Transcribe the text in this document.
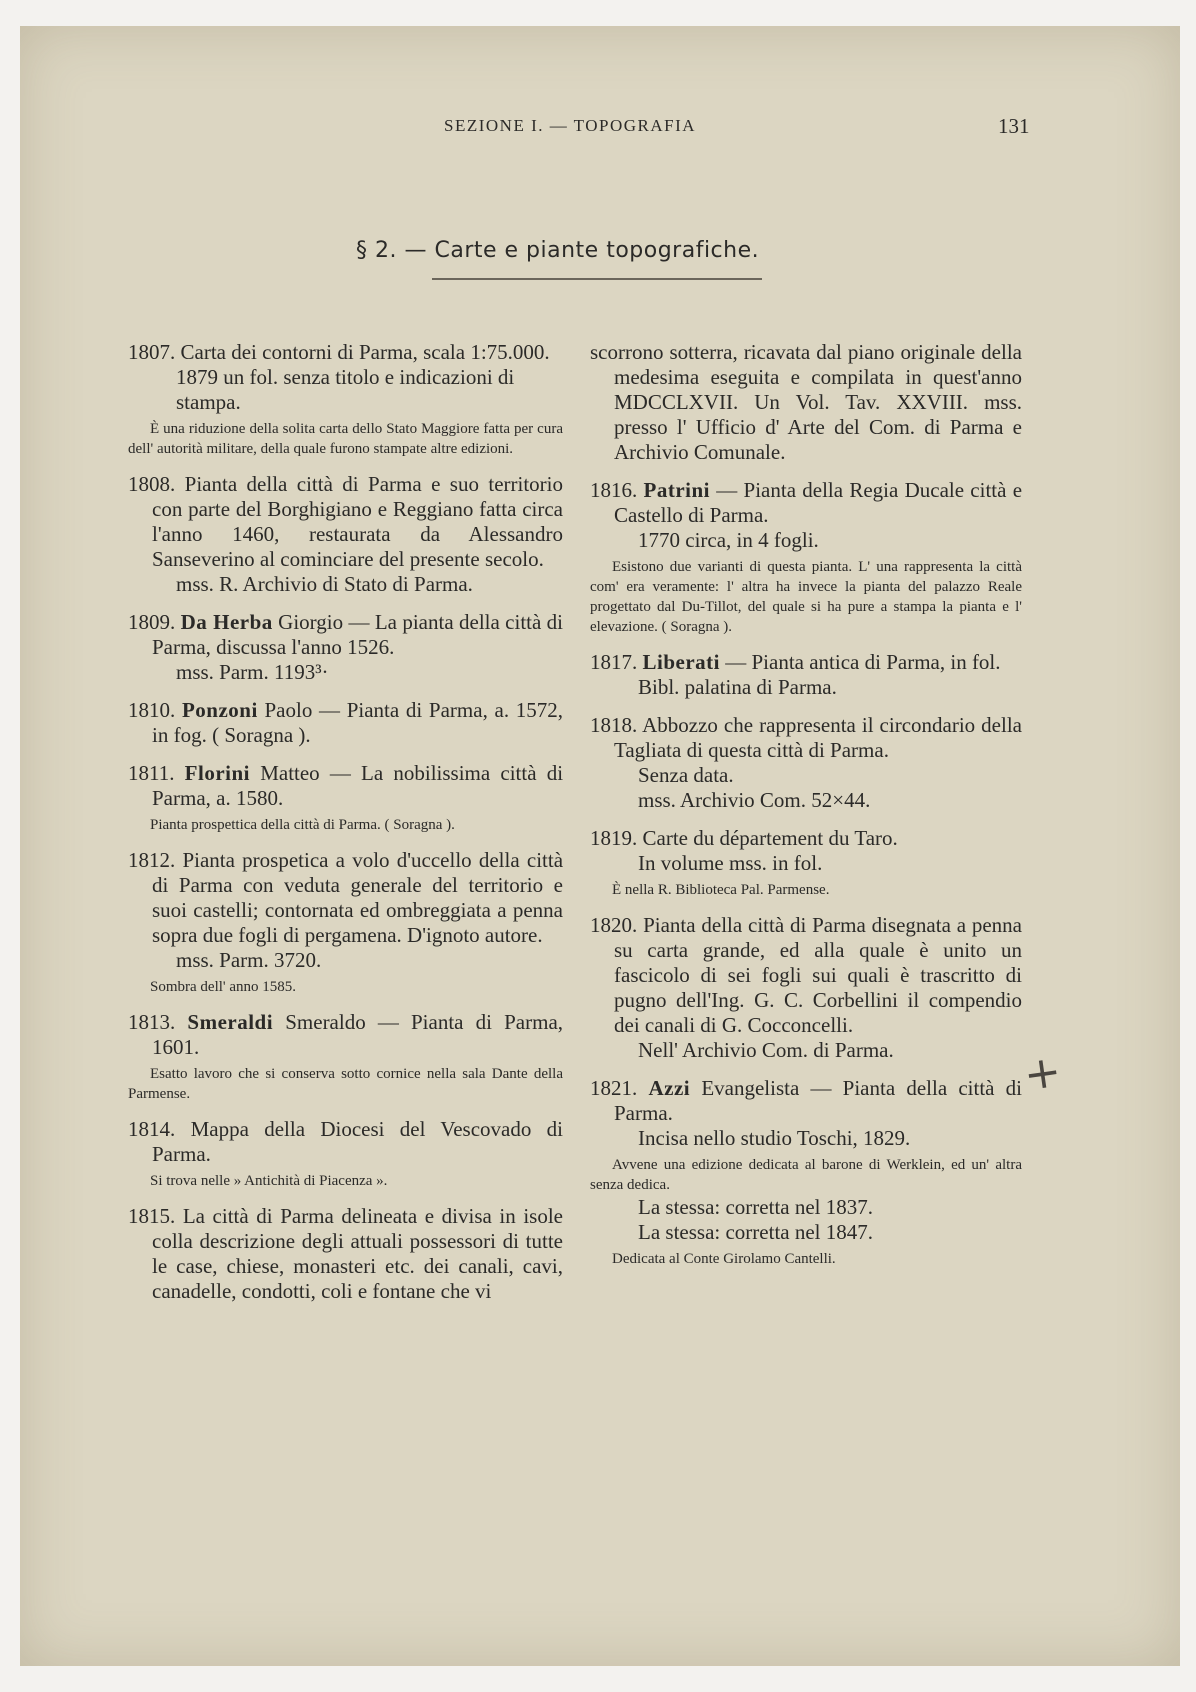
SEZIONE I. — TOPOGRAFIA	131
§ 2. — Carte e piante topografiche.

1807. Carta dei contorni di Parma, scala 1:75.000.

1879 un fol. senza titolo e indicazioni di stampa.

È una riduzione della solita carta dello Stato Maggiore fatta per cura dell' autorità militare, della quale furono stampate altre edizioni.

1808. Pianta della città di Parma e suo territorio con parte del Borghigiano e Reggiano fatta circa l'anno 1460, restaurata da Alessandro Sanseverino al cominciare del presente secolo.

mss. R. Archivio di Stato di Parma.

1809. Da Herba Giorgio — La pianta della città di Parma, discussa l'anno 1526.

mss. Parm. 1193³·

1810. Ponzoni Paolo — Pianta di Parma, a. 1572, in fog. ( Soragna ).

1811. Florini Matteo — La nobilissima città di Parma, a. 1580.

Pianta prospettica della città di Parma. ( Soragna ).

1812. Pianta prospetica a volo d'uccello della città di Parma con veduta generale del territorio e suoi castelli; contornata ed ombreggiata a penna sopra due fogli di pergamena. D'ignoto autore.

mss. Parm. 3720.

Sombra dell' anno 1585.

1813. Smeraldi Smeraldo — Pianta di Parma, 1601.

Esatto lavoro che si conserva sotto cornice nella sala Dante della Parmense.

1814. Mappa della Diocesi del Vescovado di Parma.

Si trova nelle » Antichità di Piacenza ».

1815. La città di Parma delineata e divisa in isole colla descrizione degli attuali possessori di tutte le case, chiese, monasteri etc. dei canali, cavi, canadelle, condotti, coli e fontane che vi

scorrono sotterra, ricavata dal piano originale della medesima eseguita e compilata in quest'anno MDCCLXVII. Un Vol. Tav. XXVIII. mss. presso l' Ufficio d' Arte del Com. di Parma e Archivio Comunale.

1816. Patrini — Pianta della Regia Ducale città e Castello di Parma.

1770 circa, in 4 fogli.

Esistono due varianti di questa pianta. L' una rappresenta la città com' era veramente: l' altra ha invece la pianta del palazzo Reale progettato dal Du-Tillot, del quale si ha pure a stampa la pianta e l' elevazione. ( Soragna ).

1817. Liberati — Pianta antica di Parma, in fol.

Bibl. palatina di Parma.

1818. Abbozzo che rappresenta il circondario della Tagliata di questa città di Parma.

Senza data.

mss. Archivio Com. 52×44.

1819. Carte du département du Taro.

In volume mss. in fol.

È nella R. Biblioteca Pal. Parmense.

1820. Pianta della città di Parma disegnata a penna su carta grande, ed alla quale è unito un fascicolo di sei fogli sui quali è trascritto di pugno dell'Ing. G. C. Corbellini il compendio dei canali di G. Cocconcelli.

Nell' Archivio Com. di Parma.

1821. Azzi Evangelista — Pianta della città di Parma.

Incisa nello studio Toschi, 1829.

Avvene una edizione dedicata al barone di Werklein, ed un' altra senza dedica.

La stessa: corretta nel 1837.

La stessa: corretta nel 1847.

Dedicata al Conte Girolamo Cantelli.

+
